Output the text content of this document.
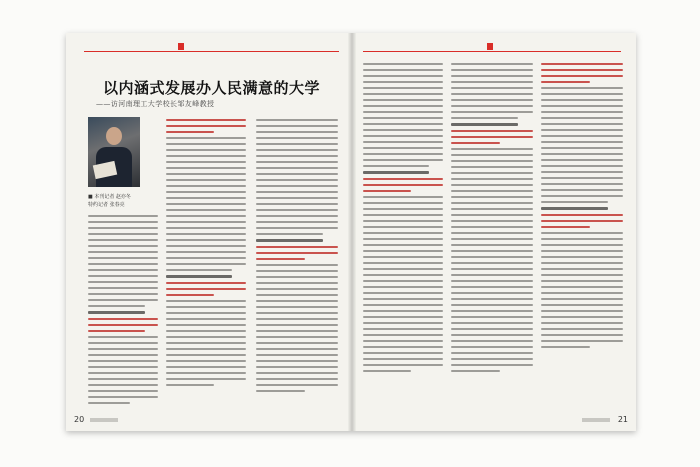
以内涵式发展办人民满意的大学
——访河南理工大学校长邹友峰教授
■ 本刊记者 赵亦冬
特约记者 张春亮
20	21
